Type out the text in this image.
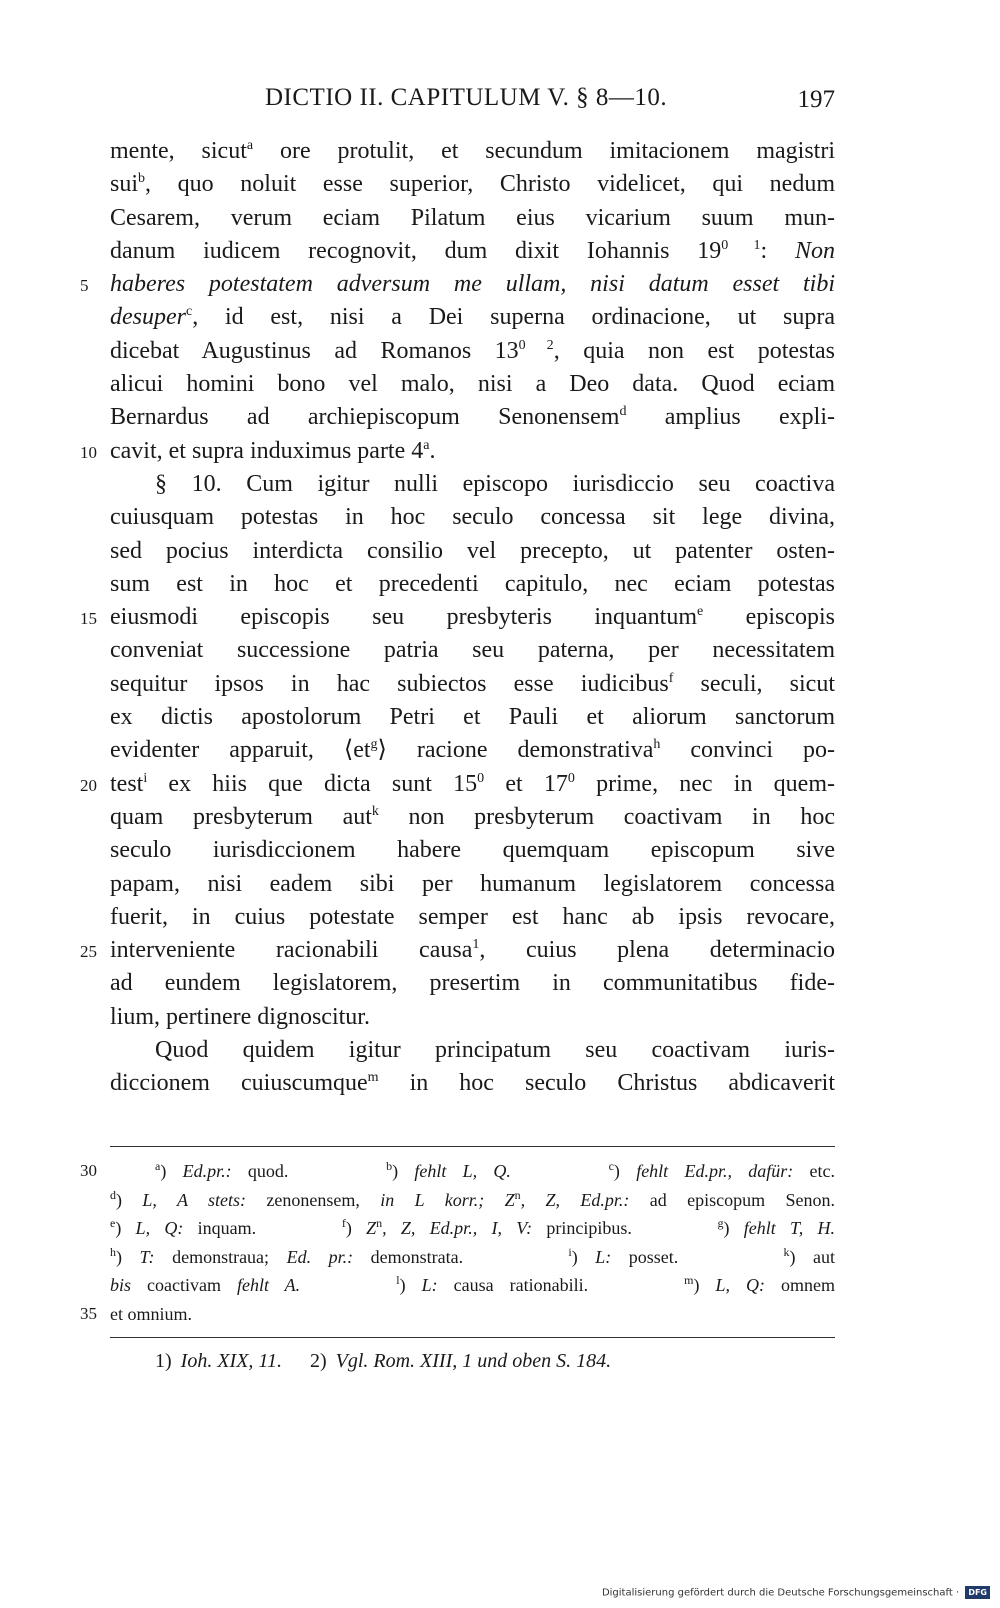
DICTIO II. CAPITULUM V. § 8—10.	197
mente, sicut$^a$ ore protulit, et secundum imitacionem magistri
sui$^b$, quo noluit esse superior, Christo videlicet, qui nedum
Cesarem, verum eciam Pilatum eius vicarium suum mun-
danum iudicem recognovit, dum dixit Iohannis $19^{0 1}$: Non
5 haberes potestatem adversum me ullam, nisi datum esset tibi
desuper$^c$, id est, nisi a Dei superna ordinacione, ut supra
dicebat Augustinus ad Romanos $13^{0 2}$, quia non est potestas
alicui homini bono vel malo, nisi a Deo data. Quod eciam
Bernardus ad archiepiscopum Senonensem$^d$ amplius expli-
10 cavit, et supra induximus parte 4$^a$.
§ 10. Cum igitur nulli episcopo iurisdiccio seu coactiva
cuiusquam potestas in hoc seculo concessa sit lege divina,
sed pocius interdicta consilio vel precepto, ut patenter osten-
sum est in hoc et precedenti capitulo, nec eciam potestas
15 eiusmodi episcopis seu presbyteris inquantum$^e$ episcopis
conveniat successione patria seu paterna, per necessitatem
sequitur ipsos in hac subiectos esse iudicibus$^f$ seculi, sicut
ex dictis apostolorum Petri et Pauli et aliorum sanctorum
evidenter apparuit, $⟨et^g⟩$ racione demonstrativa$^h$ convinci po-
20 test$^i$ ex hiis que dicta sunt $15^0$ et $17^0$ prime, nec in quem-
quam presbyterum aut$^k$ non presbyterum coactivam in hoc
seculo iurisdiccionem habere quemquam episcopum sive
papam, nisi eadem sibi per humanum legislatorem concessa
fuerit, in cuius potestate semper est hanc ab ipsis revocare,
25 interveniente racionabili causa$^1$, cuius plena determinacio
ad eundem legislatorem, presertim in communitatibus fide-
lium, pertinere dignoscitur.
Quod quidem igitur principatum seu coactivam iuris-
diccionem cuiuscumque$^m$ in hoc seculo Christus abdicaverit
30	$^a$) Ed.pr.: quod.      $^b$) fehlt L, Q.	$^c$) fehlt Ed.pr., dafür: etc.
$^d$) L, A stets: zenonensem, in L korr.; $Z^n$, Z, Ed.pr.: ad episcopum Senon.
$^e$) L, Q: inquam.      $^f$) $Z^n$, Z, Ed.pr., I, V: principibus.      $^g$) fehlt T, H.
$^h$) T: demonstraua; Ed. pr.: demonstrata.      $^i$) L: posset.      $^k$) aut
bis coactivam fehlt A.	$^l$) L: causa rationabili.      $^m$) L, Q: omnem
35 et omnium.
1) Ioh. XIX, 11. 2) Vgl. Rom. XIII, 1 und oben S. 184.
Digitalisierung gefördert durch die Deutsche Forschungsgemeinschaft · DFG
